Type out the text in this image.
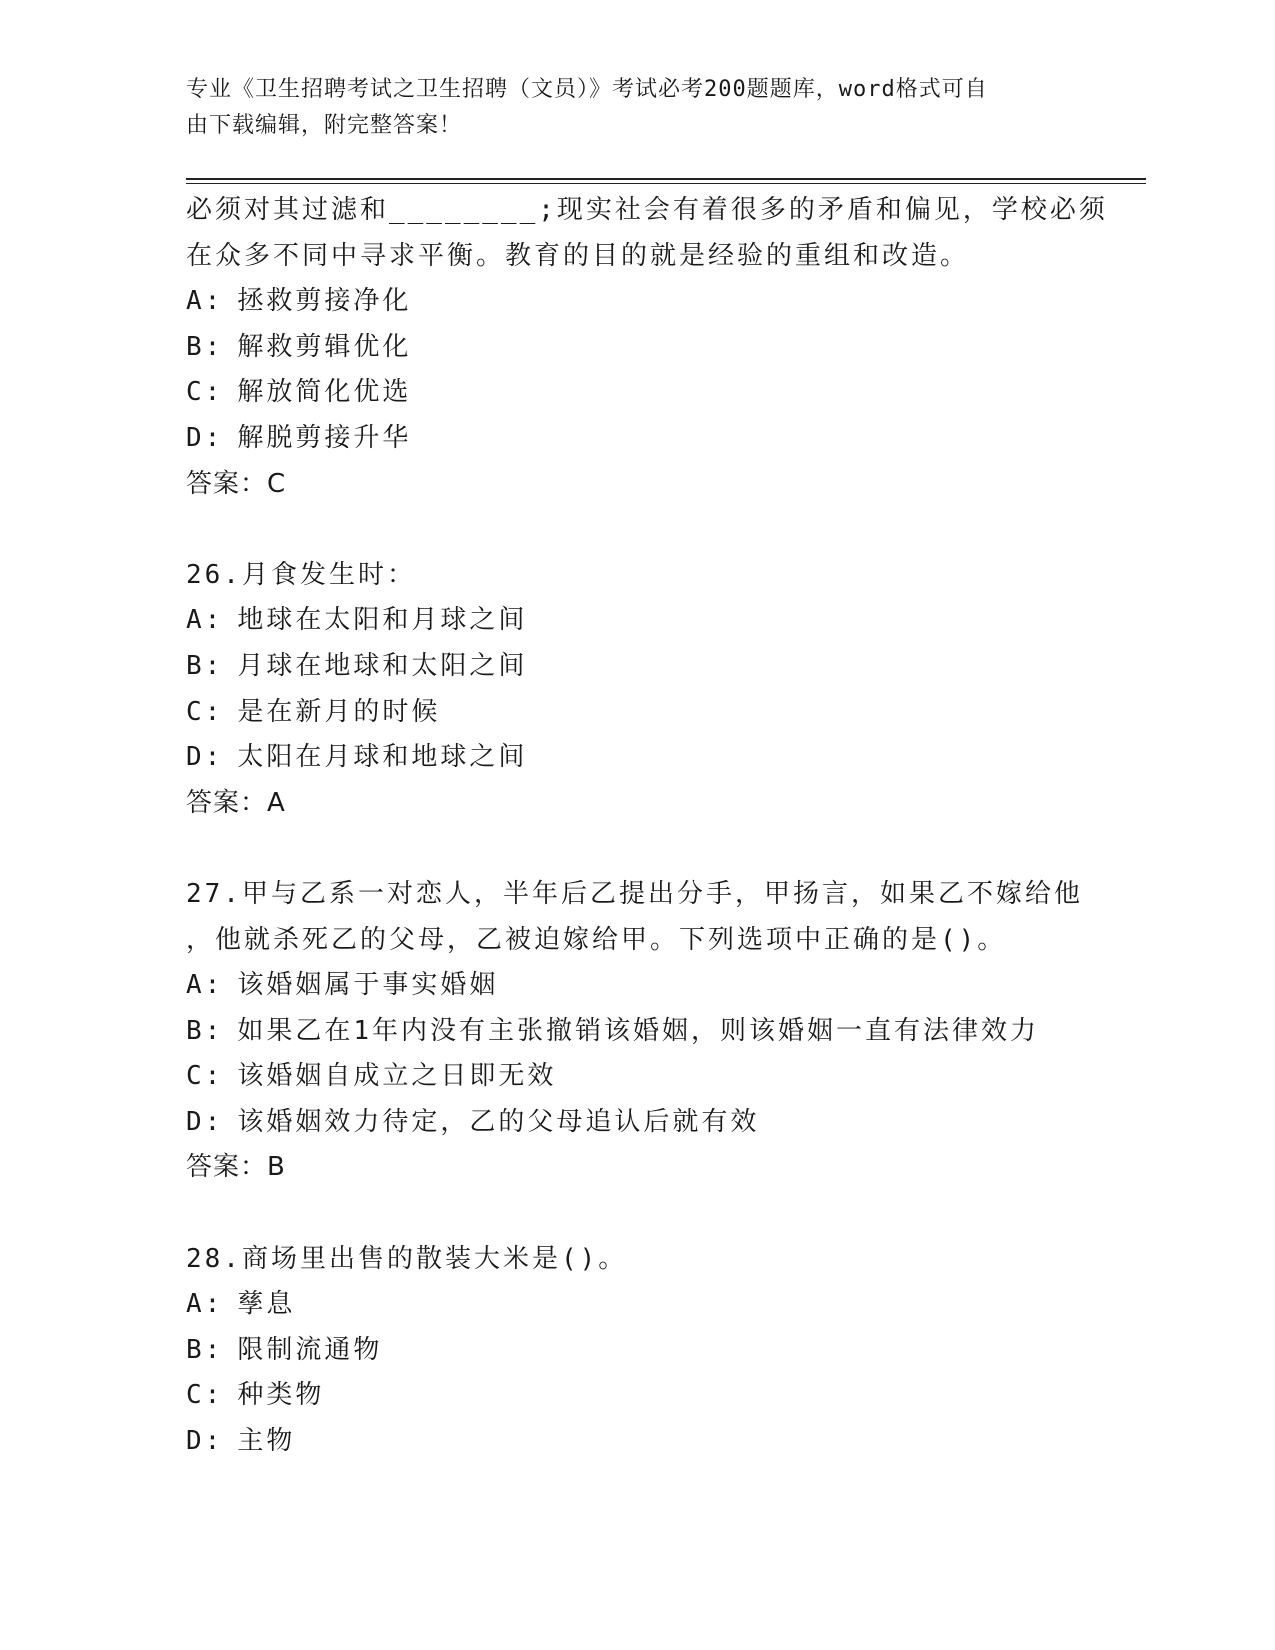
专业《卫生招聘考试之卫生招聘（文员）》考试必考200题题库，word格式可自
由下载编辑，附完整答案！
必须对其过滤和________;现实社会有着很多的矛盾和偏见，学校必须
在众多不同中寻求平衡。教育的目的就是经验的重组和改造。
A: 拯救剪接净化
B: 解救剪辑优化
C: 解放简化优选
D: 解脱剪接升华
答案：C
26.月食发生时：
A: 地球在太阳和月球之间
B: 月球在地球和太阳之间
C: 是在新月的时候
D: 太阳在月球和地球之间
答案：A
27.甲与乙系一对恋人，半年后乙提出分手，甲扬言，如果乙不嫁给他
，他就杀死乙的父母，乙被迫嫁给甲。下列选项中正确的是()。
A: 该婚姻属于事实婚姻
B: 如果乙在1年内没有主张撤销该婚姻，则该婚姻一直有法律效力
C: 该婚姻自成立之日即无效
D: 该婚姻效力待定，乙的父母追认后就有效
答案：B
28.商场里出售的散装大米是()。
A: 孳息
B: 限制流通物
C: 种类物
D: 主物
